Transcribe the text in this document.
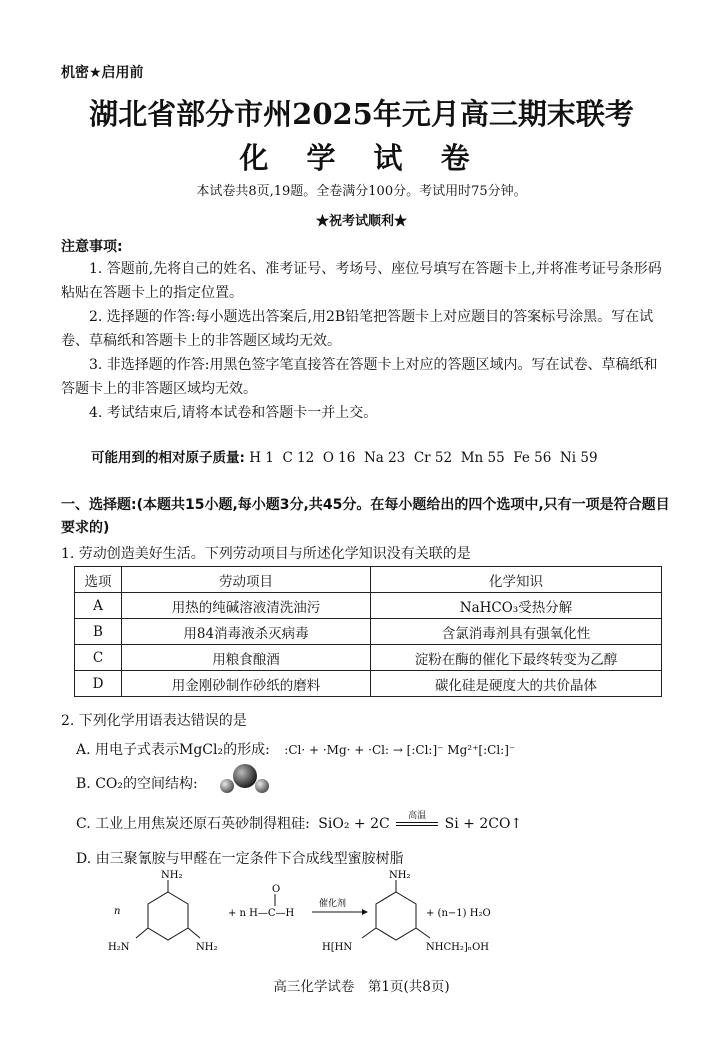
机密★启用前
湖北省部分市州2025年元月高三期末联考
化 学 试 卷
本试卷共8页,19题。全卷满分100分。考试用时75分钟。
★祝考试顺利★
注意事项:
1. 答题前,先将自己的姓名、准考证号、考场号、座位号填写在答题卡上,并将准考证号条形码粘贴在答题卡上的指定位置。
2. 选择题的作答:每小题选出答案后,用2B铅笔把答题卡上对应题目的答案标号涂黑。写在试卷、草稿纸和答题卡上的非答题区域均无效。
3. 非选择题的作答:用黑色签字笔直接答在答题卡上对应的答题区域内。写在试卷、草稿纸和答题卡上的非答题区域均无效。
4. 考试结束后,请将本试卷和答题卡一并上交。
可能用到的相对原子质量: H 1  C 12  O 16  Na 23  Cr 52  Mn 55  Fe 56  Ni 59
一、选择题:(本题共15小题,每小题3分,共45分。在每小题给出的四个选项中,只有一项是符合题目要求的)
1. 劳动创造美好生活。下列劳动项目与所述化学知识没有关联的是
选项	劳动项目	化学知识
A	用热的纯碱溶液清洗油污	NaHCO₃受热分解
B	用84消毒液杀灭病毒	含氯消毒剂具有强氧化性
C	用粮食酿酒	淀粉在酶的催化下最终转变为乙醇
D	用金刚砂制作砂纸的磨料	碳化硅是硬度大的共价晶体
2. 下列化学用语表达错误的是
A. 用电子式表示MgCl₂的形成: :Cl· + ·Mg· + ·Cl: → [:Cl:]⁻ Mg²⁺[:Cl:]⁻
B. CO₂的空间结构:
C. 工业上用焦炭还原石英砂制得粗硅: SiO₂ + 2C	高温	Si + 2CO↑
D. 由三聚氰胺与甲醛在一定条件下合成线型蜜胺树脂
n
NH₂
H₂N	NH₂
+ n H—C—H
O
催化剂
NH₂
H[HN	NHCH₂]ₙOH
+ (n−1) H₂O
高三化学试卷　第1页(共8页)
